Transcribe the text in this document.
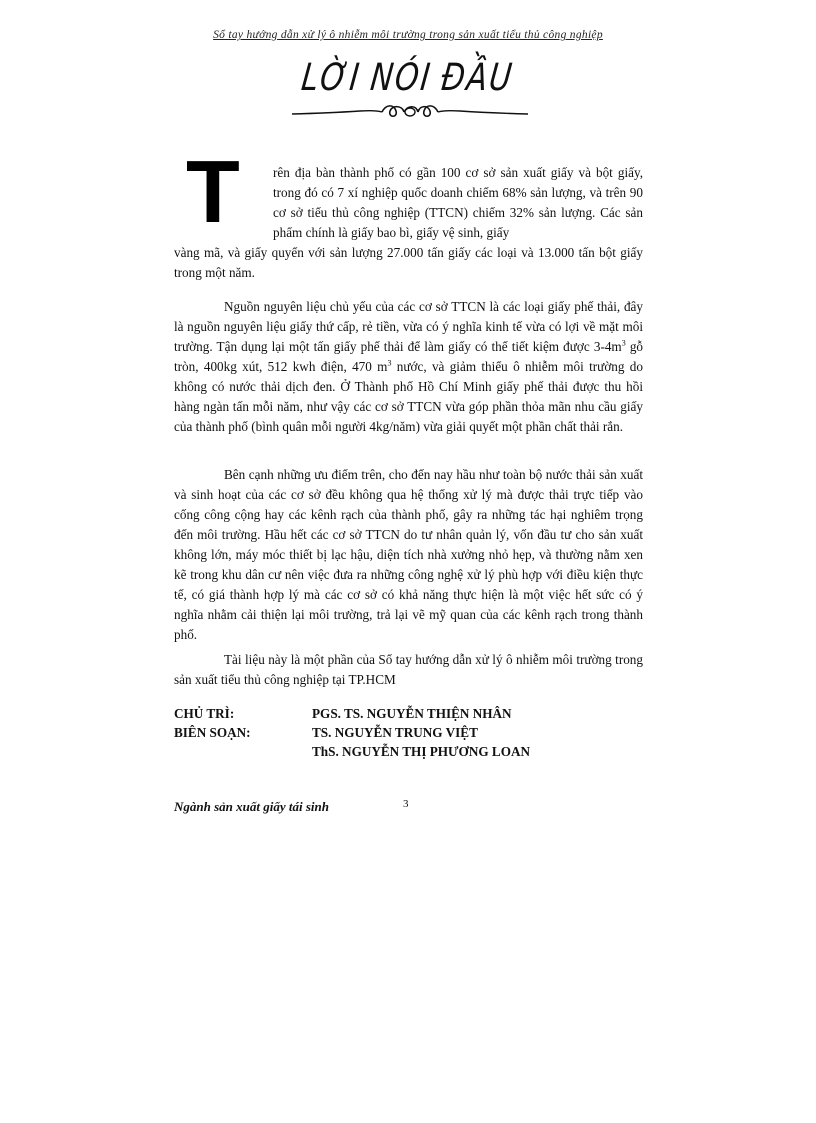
Sổ tay hướng dẫn xử lý ô nhiễm môi trường trong sản xuất tiểu thủ công nghiệp
LỜI NÓI ĐẦU
T	rên địa bàn thành phố có gần 100 cơ sở sản xuất giấy và bột giấy, trong đó có 7 xí nghiệp quốc doanh chiếm 68% sản lượng, và trên 90 cơ sở tiểu thủ công nghiệp (TTCN) chiếm 32% sản lượng. Các sản phẩm chính là giấy bao bì, giấy vệ sinh, giấy
vàng mã, và giấy quyển với sản lượng 27.000 tấn giấy các loại và 13.000 tấn bột giấy trong một năm.
Nguồn nguyên liệu chủ yếu của các cơ sở TTCN là các loại giấy phế thải, đây là nguồn nguyên liệu giấy thứ cấp, rẻ tiền, vừa có ý nghĩa kinh tế vừa có lợi về mặt môi trường. Tận dụng lại một tấn giấy phế thải để làm giấy có thể tiết kiệm được $3-4m^3$ gỗ tròn, 400kg xút, 512 kwh điện, 470 $m^3$ nước, và giảm thiểu ô nhiễm môi trường do không có nước thải dịch đen. Ở Thành phố Hồ Chí Minh giấy phế thải được thu hồi hàng ngàn tấn mỗi năm, như vậy các cơ sở TTCN vừa góp phần thỏa mãn nhu cầu giấy của thành phố (bình quân mỗi người 4kg/năm) vừa giải quyết một phần chất thải rắn.
Bên cạnh những ưu điểm trên, cho đến nay hầu như toàn bộ nước thải sản xuất và sinh hoạt của các cơ sở đều không qua hệ thống xử lý mà được thải trực tiếp vào cống công cộng hay các kênh rạch của thành phố, gây ra những tác hại nghiêm trọng đến môi trường. Hầu hết các cơ sở TTCN do tư nhân quản lý, vốn đầu tư cho sản xuất không lớn, máy móc thiết bị lạc hậu, diện tích nhà xưởng nhỏ hẹp, và thường nằm xen kẽ trong khu dân cư nên việc đưa ra những công nghệ xử lý phù hợp với điều kiện thực tế, có giá thành hợp lý mà các cơ sở có khả năng thực hiện là một việc hết sức có ý nghĩa nhằm cải thiện lại môi trường, trả lại vẽ mỹ quan của các kênh rạch trong thành phố.
Tài liệu này là một phần của Sổ tay hướng dẫn xử lý ô nhiễm môi trường trong sản xuất tiểu thủ công nghiệp tại TP.HCM
CHỦ TRÌ:	PGS. TS. NGUYỄN THIỆN NHÂN
BIÊN SOẠN:	TS. NGUYỄN TRUNG VIỆT
ThS. NGUYỄN THỊ PHƯƠNG LOAN
Ngành sản xuất giấy tái sinh	3
